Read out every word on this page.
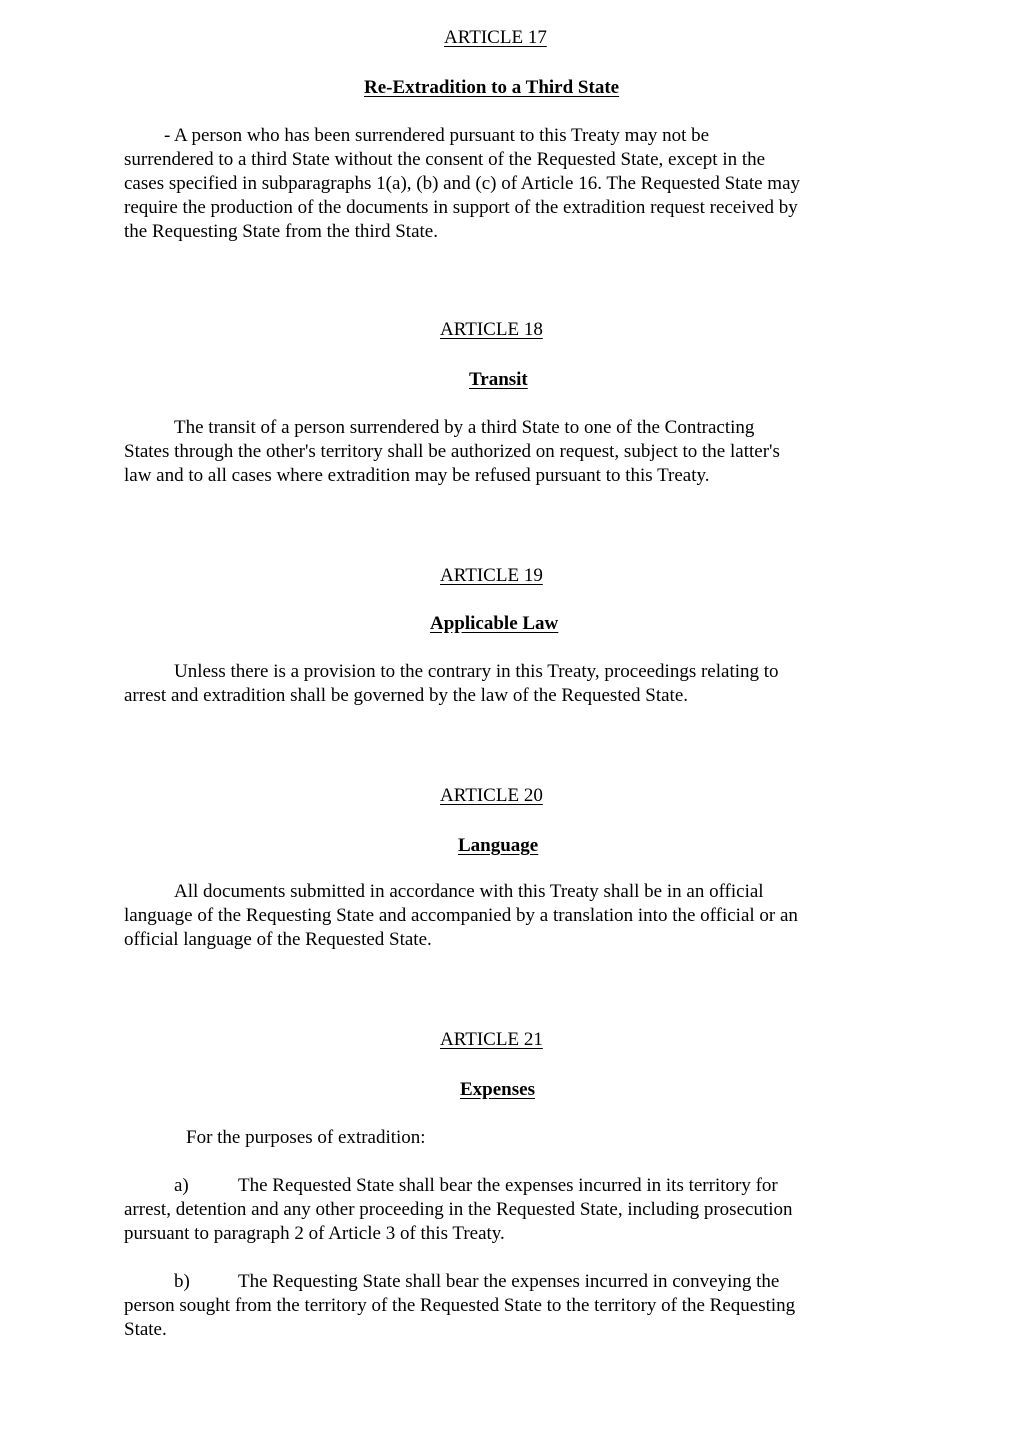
ARTICLE 17
Re-Extradition to a Third State
- A person who has been surrendered pursuant to this Treaty may not be
surrendered to a third State without the consent of the Requested State, except in the
cases specified in subparagraphs 1(a), (b) and (c) of Article 16. The Requested State may
require the production of the documents in support of the extradition request received by
the Requesting State from the third State.
ARTICLE 18
Transit
The transit of a person surrendered by a third State to one of the Contracting
States through the other's territory shall be authorized on request, subject to the latter's
law and to all cases where extradition may be refused pursuant to this Treaty.
ARTICLE 19
Applicable Law
Unless there is a provision to the contrary in this Treaty, proceedings relating to
arrest and extradition shall be governed by the law of the Requested State.
ARTICLE 20
Language
All documents submitted in accordance with this Treaty shall be in an official
language of the Requesting State and accompanied by a translation into the official or an
official language of the Requested State.
ARTICLE 21
Expenses
For the purposes of extradition:
a)	The Requested State shall bear the expenses incurred in its territory for
arrest, detention and any other proceeding in the Requested State, including prosecution
pursuant to paragraph 2 of Article 3 of this Treaty.
b)	The Requesting State shall bear the expenses incurred in conveying the
person sought from the territory of the Requested State to the territory of the Requesting
State.
